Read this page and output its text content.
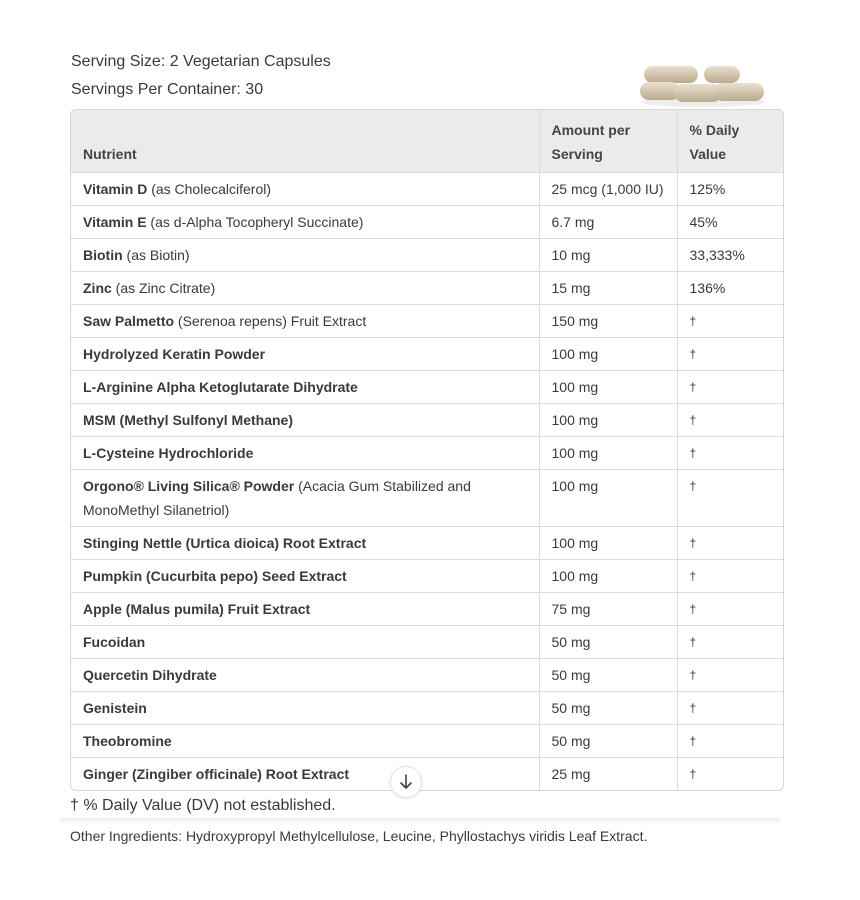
Serving Size: 2 Vegetarian Capsules
Servings Per Container: 30
Nutrient	Amount per Serving	% Daily Value
Vitamin D (as Cholecalciferol)	25 mcg (1,000 IU)	125%
Vitamin E (as d-Alpha Tocopheryl Succinate)	6.7 mg	45%
Biotin (as Biotin)	10 mg	33,333%
Zinc (as Zinc Citrate)	15 mg	136%
Saw Palmetto (Serenoa repens) Fruit Extract	150 mg	†
Hydrolyzed Keratin Powder	100 mg	†
L-Arginine Alpha Ketoglutarate Dihydrate	100 mg	†
MSM (Methyl Sulfonyl Methane)	100 mg	†
L-Cysteine Hydrochloride	100 mg	†
Orgono® Living Silica® Powder (Acacia Gum Stabilized and MonoMethyl Silanetriol)	100 mg	†
Stinging Nettle (Urtica dioica) Root Extract	100 mg	†
Pumpkin (Cucurbita pepo) Seed Extract	100 mg	†
Apple (Malus pumila) Fruit Extract	75 mg	†
Fucoidan	50 mg	†
Quercetin Dihydrate	50 mg	†
Genistein	50 mg	†
Theobromine	50 mg	†
Ginger (Zingiber officinale) Root Extract	25 mg	†
† % Daily Value (DV) not established.
Other Ingredients: Hydroxypropyl Methylcellulose, Leucine, Phyllostachys viridis Leaf Extract.
